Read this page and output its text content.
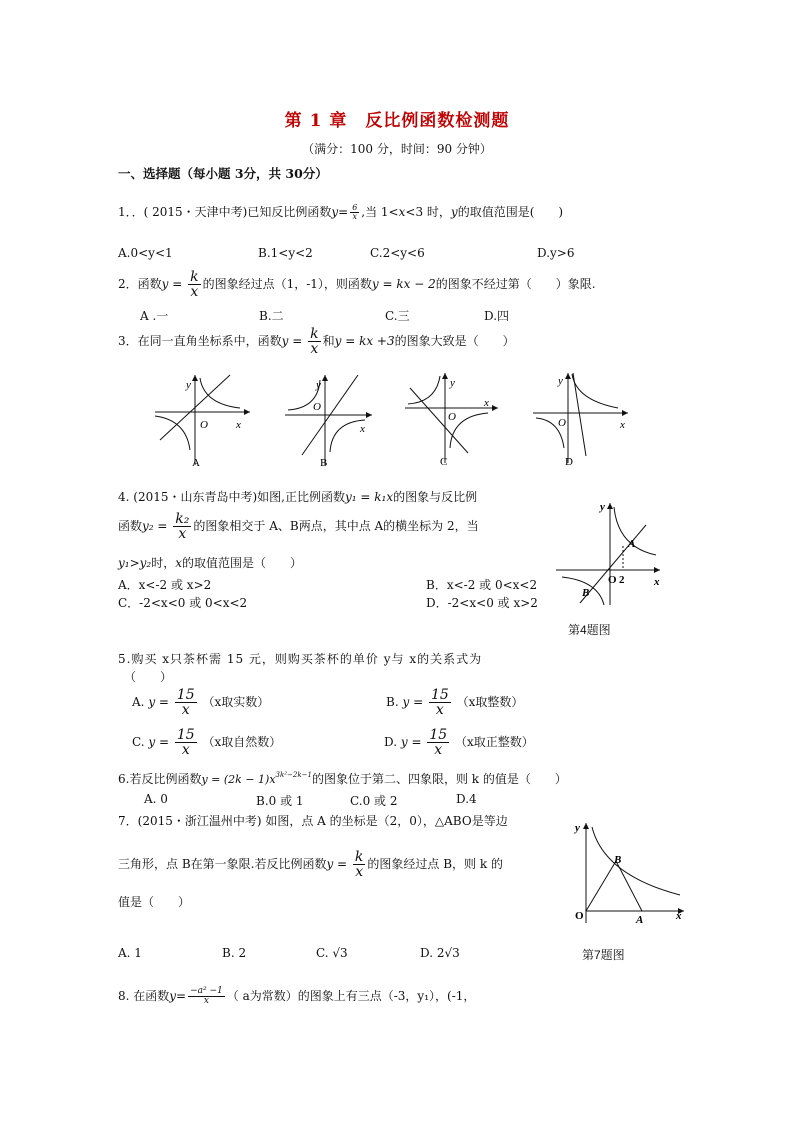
第 1 章　反比例函数检测题
（满分：100 分，时间：90 分钟）
一、选择题（每小题 3分，共 30分）
1．．( 2015・天津中考)已知反比例函数$y= \frac{6}{x}$ ,当 1<x<3 时，y的取值范围是(　　)
A.0<y<1	B.1<y<2	C.2<y<6	D.y>6
2．函数$y = \frac{k}{x}$ 的图象经过点（1，-1），则函数y = kx − 2的图象不经过第（　　）象限.
A .一	B.二	C.三	D.四
3．在同一直角坐标系中，函数$y = \frac{k}{x}$ 和y = kx +3的图象大致是（　　）
y
O	x
A
y
O
x
B
y
O
x
C
y
O	x
D
4. (2015・山东青岛中考)如图,正比例函数y₁ = k₁x的图象与反比例
函数$y_2 = \frac{\text{k₂}}{x}$ 的图象相交于 A、B两点，其中点 A的横坐标为 2，当
y₁>y₂时，x的取值范围是（　　）
A．x<-2 或 x>2	B．x<-2 或 0<x<2
C．-2<x<0 或 0<x<2	D．-2<x<0 或 x>2
y
x
O 2
A
B
第4题图
5.购买 x只茶杯需 15 元，则购买茶杯的单价 y与 x的关系式为
（　　）
A. $y = \frac{15}{x} (x$取实数）	B. $y = \frac{15}{x} (x$取整数）
C. $y = \frac{15}{x} (x$取自然数）	D. $y = \frac{15}{x} (x$取正整数）
6.若反比例函数$y = (2k - 1)x^{3k^2-2k-1}$的图象位于第二、四象限，则 k 的值是（　　）
A. 0	B.0 或 1	C.0 或 2	D.4
7．(2015・浙江温州中考) 如图，点 A 的坐标是（2，0），△ABO是等边
三角形，点 B在第一象限.若反比例函数$y = \frac{k}{x}$ 的图象经过点 B，则 k 的
值是（　　）
A. 1	B. 2	C. √3	D. 2√3
y
x
O	A
B
第7题图
8. 在函数$y= \frac{\text{−a² −1}}{x}$ （ a为常数）的图象上有三点（-3，y₁），(-1，
